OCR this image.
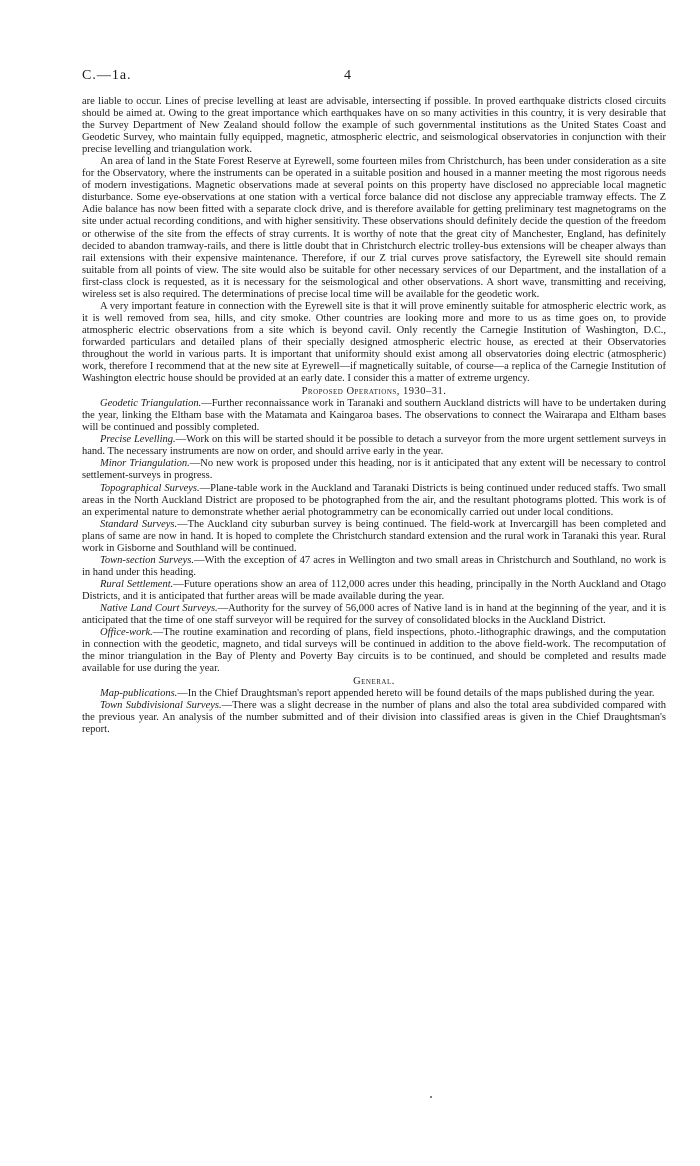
C.—1a.	4

are liable to occur. Lines of precise levelling at least are advisable, intersecting if possible. In proved earthquake districts closed circuits should be aimed at. Owing to the great importance which earthquakes have on so many activities in this country, it is very desirable that the Survey Department of New Zealand should follow the example of such governmental institutions as the United States Coast and Geodetic Survey, who maintain fully equipped, magnetic, atmospheric electric, and seismological observatories in conjunction with their precise levelling and triangulation work.

An area of land in the State Forest Reserve at Eyrewell, some fourteen miles from Christchurch, has been under consideration as a site for the Observatory, where the instruments can be operated in a suitable position and housed in a manner meeting the most rigorous needs of modern investigations. Magnetic observations made at several points on this property have disclosed no appreciable local magnetic disturbance. Some eye-observations at one station with a vertical force balance did not disclose any appreciable tramway effects. The Z Adie balance has now been fitted with a separate clock drive, and is therefore available for getting preliminary test magnetograms on the site under actual recording conditions, and with higher sensitivity. These observations should definitely decide the question of the freedom or otherwise of the site from the effects of stray currents. It is worthy of note that the great city of Manchester, England, has definitely decided to abandon tramway-rails, and there is little doubt that in Christchurch electric trolley-bus extensions will be cheaper always than rail extensions with their expensive maintenance. Therefore, if our Z trial curves prove satisfactory, the Eyrewell site should remain suitable from all points of view. The site would also be suitable for other necessary services of our Department, and the installation of a first-class clock is requested, as it is necessary for the seismological and other observations. A short wave, transmitting and receiving, wireless set is also required. The determinations of precise local time will be available for the geodetic work.

A very important feature in connection with the Eyrewell site is that it will prove eminently suitable for atmospheric electric work, as it is well removed from sea, hills, and city smoke. Other countries are looking more and more to us as time goes on, to provide atmospheric electric observations from a site which is beyond cavil. Only recently the Carnegie Institution of Washington, D.C., forwarded particulars and detailed plans of their specially designed atmospheric electric house, as erected at their Observatories throughout the world in various parts. It is important that uniformity should exist among all observatories doing electric (atmospheric) work, therefore I recommend that at the new site at Eyrewell—if magnetically suitable, of course—a replica of the Carnegie Institution of Washington electric house should be provided at an early date. I consider this a matter of extreme urgency.

Proposed Operations, 1930–31.

Geodetic Triangulation.—Further reconnaissance work in Taranaki and southern Auckland districts will have to be undertaken during the year, linking the Eltham base with the Matamata and Kaingaroa bases. The observations to connect the Wairarapa and Eltham bases will be continued and possibly completed.

Precise Levelling.—Work on this will be started should it be possible to detach a surveyor from the more urgent settlement surveys in hand. The necessary instruments are now on order, and should arrive early in the year.

Minor Triangulation.—No new work is proposed under this heading, nor is it anticipated that any extent will be necessary to control settlement-surveys in progress.

Topographical Surveys.—Plane-table work in the Auckland and Taranaki Districts is being continued under reduced staffs. Two small areas in the North Auckland District are proposed to be photographed from the air, and the resultant photograms plotted. This work is of an experimental nature to demonstrate whether aerial photogrammetry can be economically carried out under local conditions.

Standard Surveys.—The Auckland city suburban survey is being continued. The field-work at Invercargill has been completed and plans of same are now in hand. It is hoped to complete the Christchurch standard extension and the rural work in Taranaki this year. Rural work in Gisborne and Southland will be continued.

Town-section Surveys.—With the exception of 47 acres in Wellington and two small areas in Christchurch and Southland, no work is in hand under this heading.

Rural Settlement.—Future operations show an area of 112,000 acres under this heading, principally in the North Auckland and Otago Districts, and it is anticipated that further areas will be made available during the year.

Native Land Court Surveys.—Authority for the survey of 56,000 acres of Native land is in hand at the beginning of the year, and it is anticipated that the time of one staff surveyor will be required for the survey of consolidated blocks in the Auckland District.

Office-work.—The routine examination and recording of plans, field inspections, photo.-lithographic drawings, and the computation in connection with the geodetic, magneto, and tidal surveys will be continued in addition to the above field-work. The recomputation of the minor triangulation in the Bay of Plenty and Poverty Bay circuits is to be continued, and should be completed and results made available for use during the year.

General.

Map-publications.—In the Chief Draughtsman's report appended hereto will be found details of the maps published during the year.

Town Subdivisional Surveys.—There was a slight decrease in the number of plans and also the total area subdivided compared with the previous year. An analysis of the number submitted and of their division into classified areas is given in the Chief Draughtsman's report.
